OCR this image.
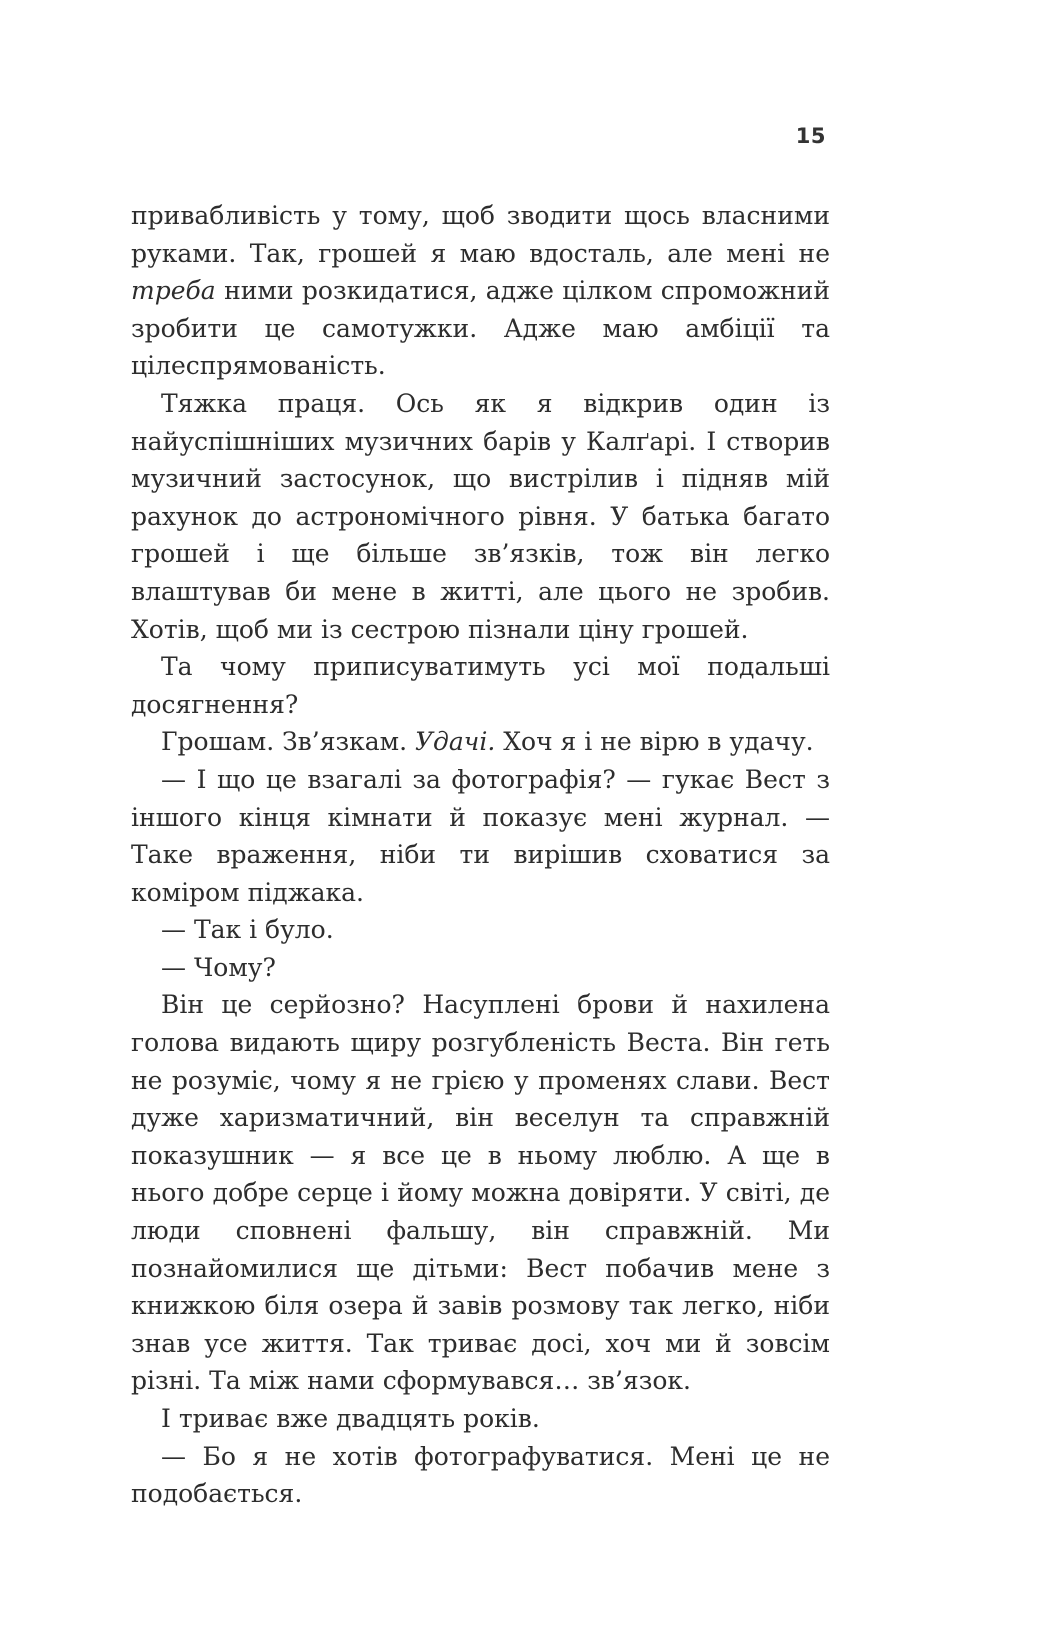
15

привабливість у тому, щоб зводити щось власними руками. Так, грошей я маю вдосталь, але мені не треба ними розкидатися, адже цілком спроможний зробити це самотужки. Адже маю амбіції та цілеспрямованість.

Тяжка праця. Ось як я відкрив один із найуспішніших музичних барів у Калґарі. І створив музичний застосунок, що вистрілив і підняв мій рахунок до астрономічного рівня. У батька багато грошей і ще більше зв’язків, тож він легко влаштував би мене в житті, але цього не зробив. Хотів, щоб ми із сестрою пізнали ціну грошей.

Та чому приписуватимуть усі мої подальші досягнення?

Грошам. Зв’язкам. Удачі. Хоч я і не вірю в удачу.

— І що це взагалі за фотографія? — гукає Вест з іншого кінця кімнати й показує мені журнал. — Таке враження, ніби ти вирішив сховатися за коміром піджака.

— Так і було.

— Чому?

Він це серйозно? Насуплені брови й нахилена голова видають щиру розгубленість Веста. Він геть не розуміє, чому я не грією у променях слави. Вест дуже харизматичний, він веселун та справжній показушник — я все це в ньому люблю. А ще в нього добре серце і йому можна довіряти. У світі, де люди сповнені фальшу, він справжній. Ми познайомилися ще дітьми: Вест побачив мене з книжкою біля озера й завів розмову так легко, ніби знав усе життя. Так триває досі, хоч ми й зовсім різні. Та між нами сформувався… зв’язок.

І триває вже двадцять років.

— Бо я не хотів фотографуватися. Мені це не подобається.
